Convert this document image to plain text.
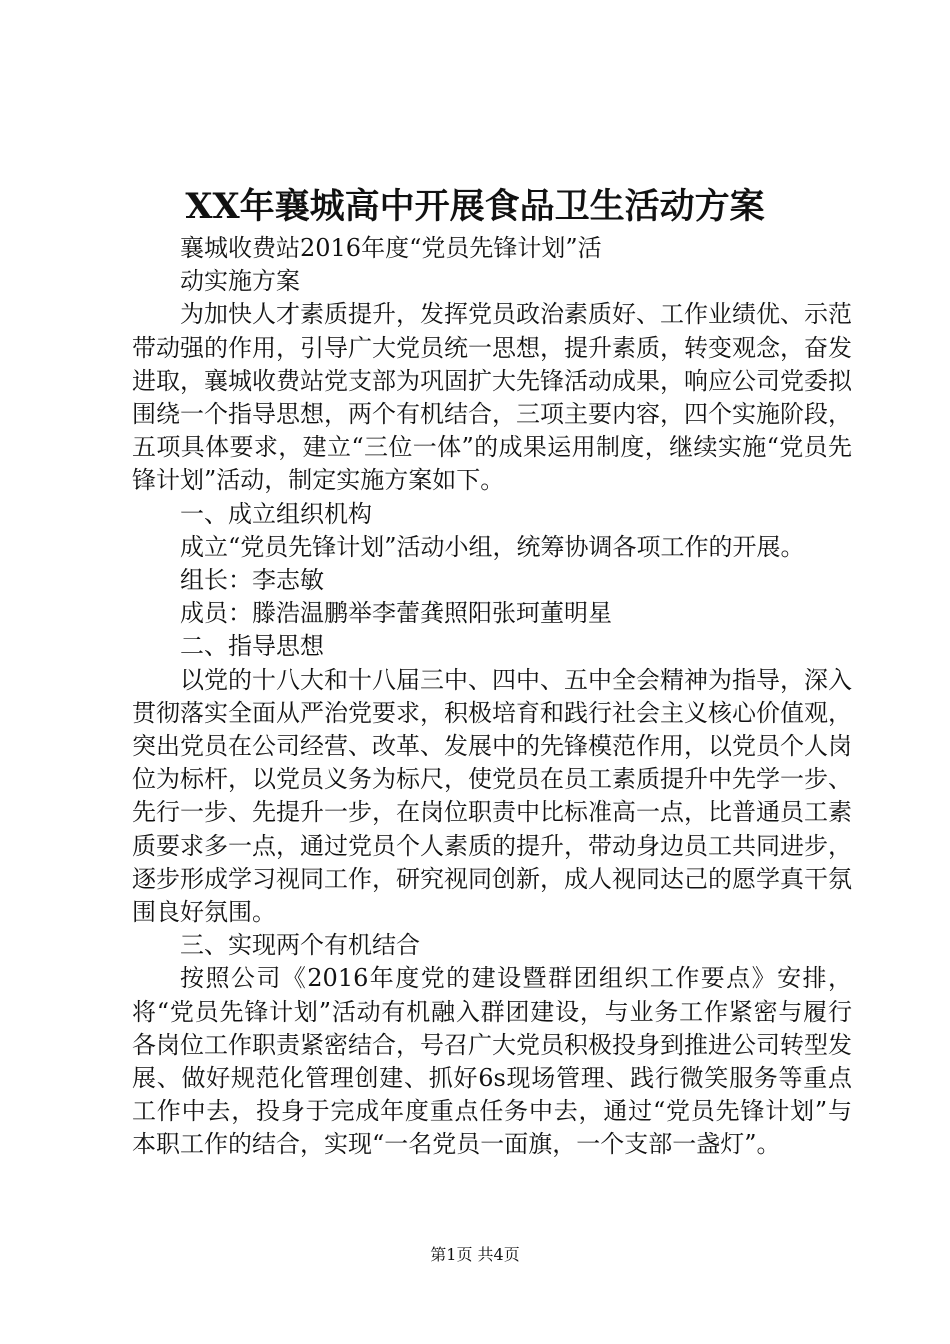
XX年襄城高中开展食品卫生活动方案

襄城收费站2016年度“党员先锋计划”活

动实施方案

为加快人才素质提升，发挥党员政治素质好、工作业绩优、示范带动强的作用，引导广大党员统一思想，提升素质，转变观念，奋发进取，襄城收费站党支部为巩固扩大先锋活动成果，响应公司党委拟围绕一个指导思想，两个有机结合，三项主要内容，四个实施阶段，五项具体要求，建立“三位一体”的成果运用制度，继续实施“党员先锋计划”活动，制定实施方案如下。

一、成立组织机构

成立“党员先锋计划”活动小组，统筹协调各项工作的开展。

组长：李志敏

成员：滕浩温鹏举李蕾龚照阳张珂董明星

二、指导思想

以党的十八大和十八届三中、四中、五中全会精神为指导，深入贯彻落实全面从严治党要求，积极培育和践行社会主义核心价值观，突出党员在公司经营、改革、发展中的先锋模范作用，以党员个人岗位为标杆，以党员义务为标尺，使党员在员工素质提升中先学一步、先行一步、先提升一步，在岗位职责中比标准高一点，比普通员工素质要求多一点，通过党员个人素质的提升，带动身边员工共同进步，逐步形成学习视同工作，研究视同创新，成人视同达己的愿学真干氛围良好氛围。

三、实现两个有机结合

按照公司《2016年度党的建设暨群团组织工作要点》安排，将“党员先锋计划”活动有机融入群团建设，与业务工作紧密与履行各岗位工作职责紧密结合，号召广大党员积极投身到推进公司转型发展、做好规范化管理创建、抓好6s现场管理、践行微笑服务等重点工作中去，投身于完成年度重点任务中去，通过“党员先锋计划”与本职工作的结合，实现“一名党员一面旗，一个支部一盏灯”。

第1页 共4页
